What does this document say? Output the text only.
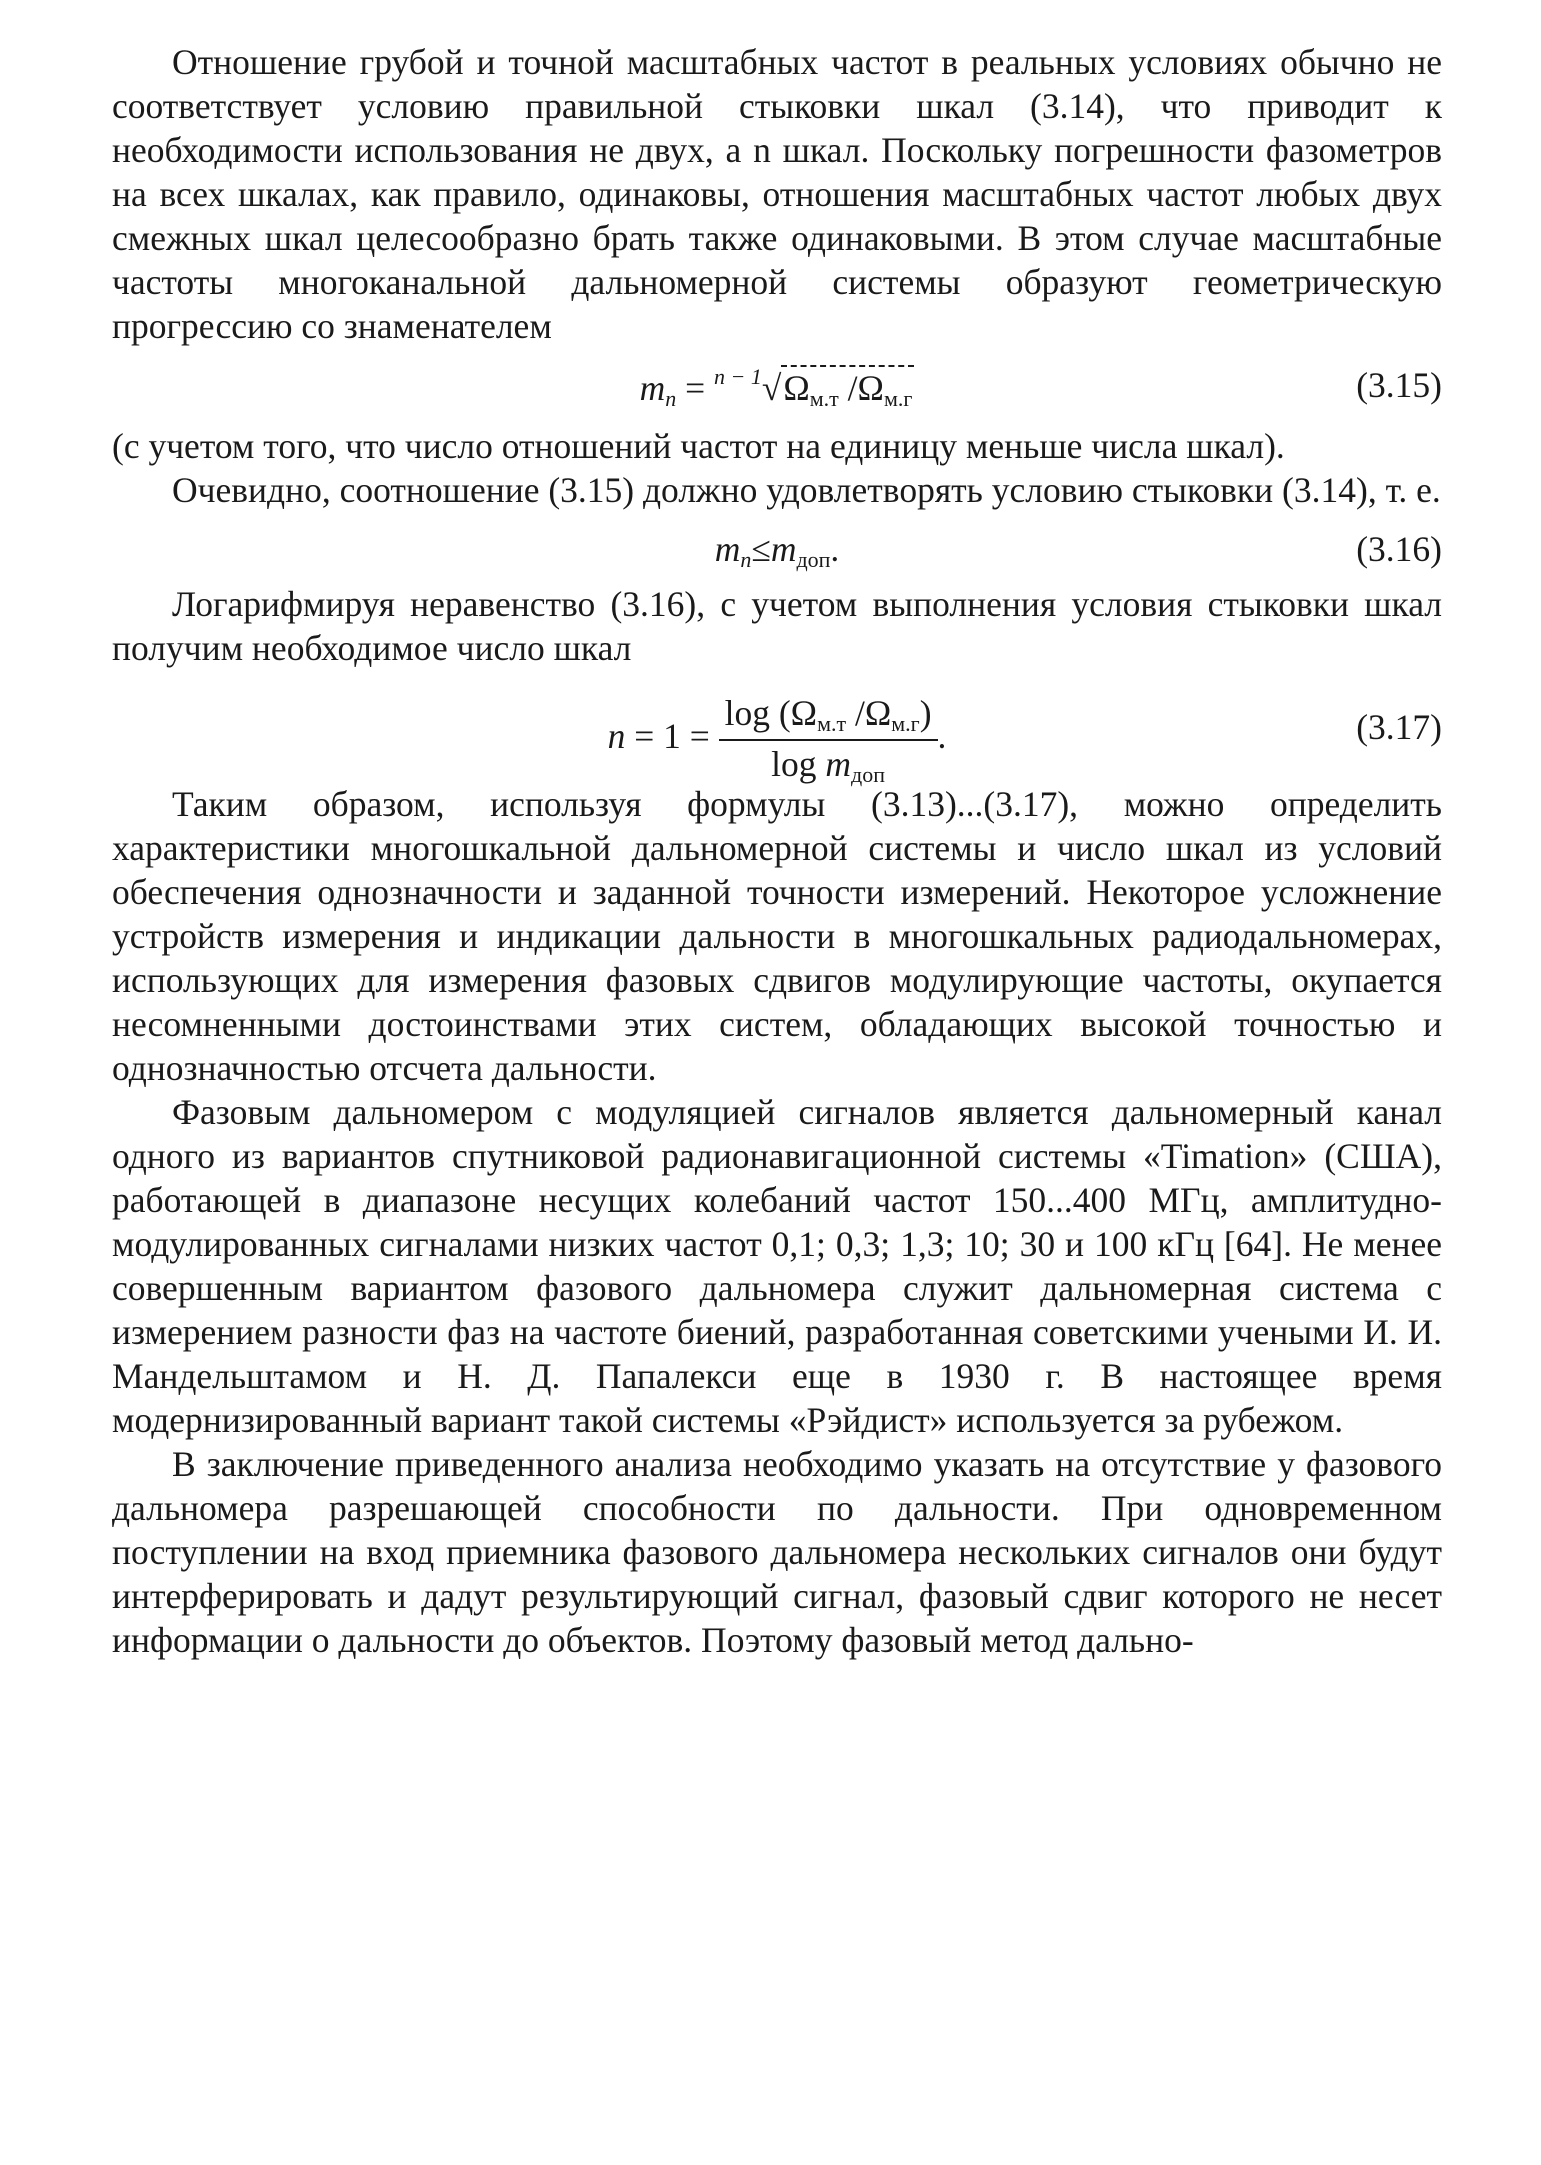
Отношение грубой и точной масштабных частот в реальных условиях обычно не соответствует условию правильной стыковки шкал (3.14), что приводит к необходимости использования не двух, а n шкал. Поскольку погрешности фазометров на всех шкалах, как правило, одинаковы, отношения масштабных частот любых двух смежных шкал целесообразно брать также одинаковыми. В этом случае масштабные частоты многоканальной дальномерной системы образуют геометрическую прогрессию со знаменателем

$m_n = ^{n - 1}√\Omega_{м.т}$ $/\Omega_{м.г}$	(3.15)

(с учетом того, что число отношений частот на единицу меньше числа шкал).

Очевидно, соотношение (3.15) должно удовлетворять условию стыковки (3.14), т. е.

$m_n\le m_{доп}$.	(3.16)

Логарифмируя неравенство (3.16), с учетом выполнения условия стыковки шкал получим необходимое число шкал

$n = 1 = \frac{\log (\Omega_{м.т} /\Omega_{м.г})}{\log m_{доп}}$ .	(3.17)

Таким образом, используя формулы (3.13)...(3.17), можно определить характеристики многошкальной дальномерной системы и число шкал из условий обеспечения однозначности и заданной точности измерений. Некоторое усложнение устройств измерения и индикации дальности в многошкальных радиодальномерах, использующих для измерения фазовых сдвигов модулирующие частоты, окупается несомненными достоинствами этих систем, обладающих высокой точностью и однозначностью отсчета дальности.

Фазовым дальномером с модуляцией сигналов является дальномерный канал одного из вариантов спутниковой радионавигационной системы «Timation» (США), работающей в диапазоне несущих колебаний частот 150...400 МГц, амплитудно-модулированных сигналами низких частот 0,1; 0,3; 1,3; 10; 30 и 100 кГц [64]. Не менее совершенным вариантом фазового дальномера служит дальномерная система с измерением разности фаз на частоте биений, разработанная советскими учеными И. И. Мандельштамом и Н. Д. Папалекси еще в 1930 г. В настоящее время модернизированный вариант такой системы «Рэйдист» используется за рубежом.

В заключение приведенного анализа необходимо указать на отсутствие у фазового дальномера разрешающей способности по дальности. При одновременном поступлении на вход приемника фазового дальномера нескольких сигналов они будут интерферировать и дадут результирующий сигнал, фазовый сдвиг которого не несет информации о дальности до объектов. Поэтому фазовый метод дально-
